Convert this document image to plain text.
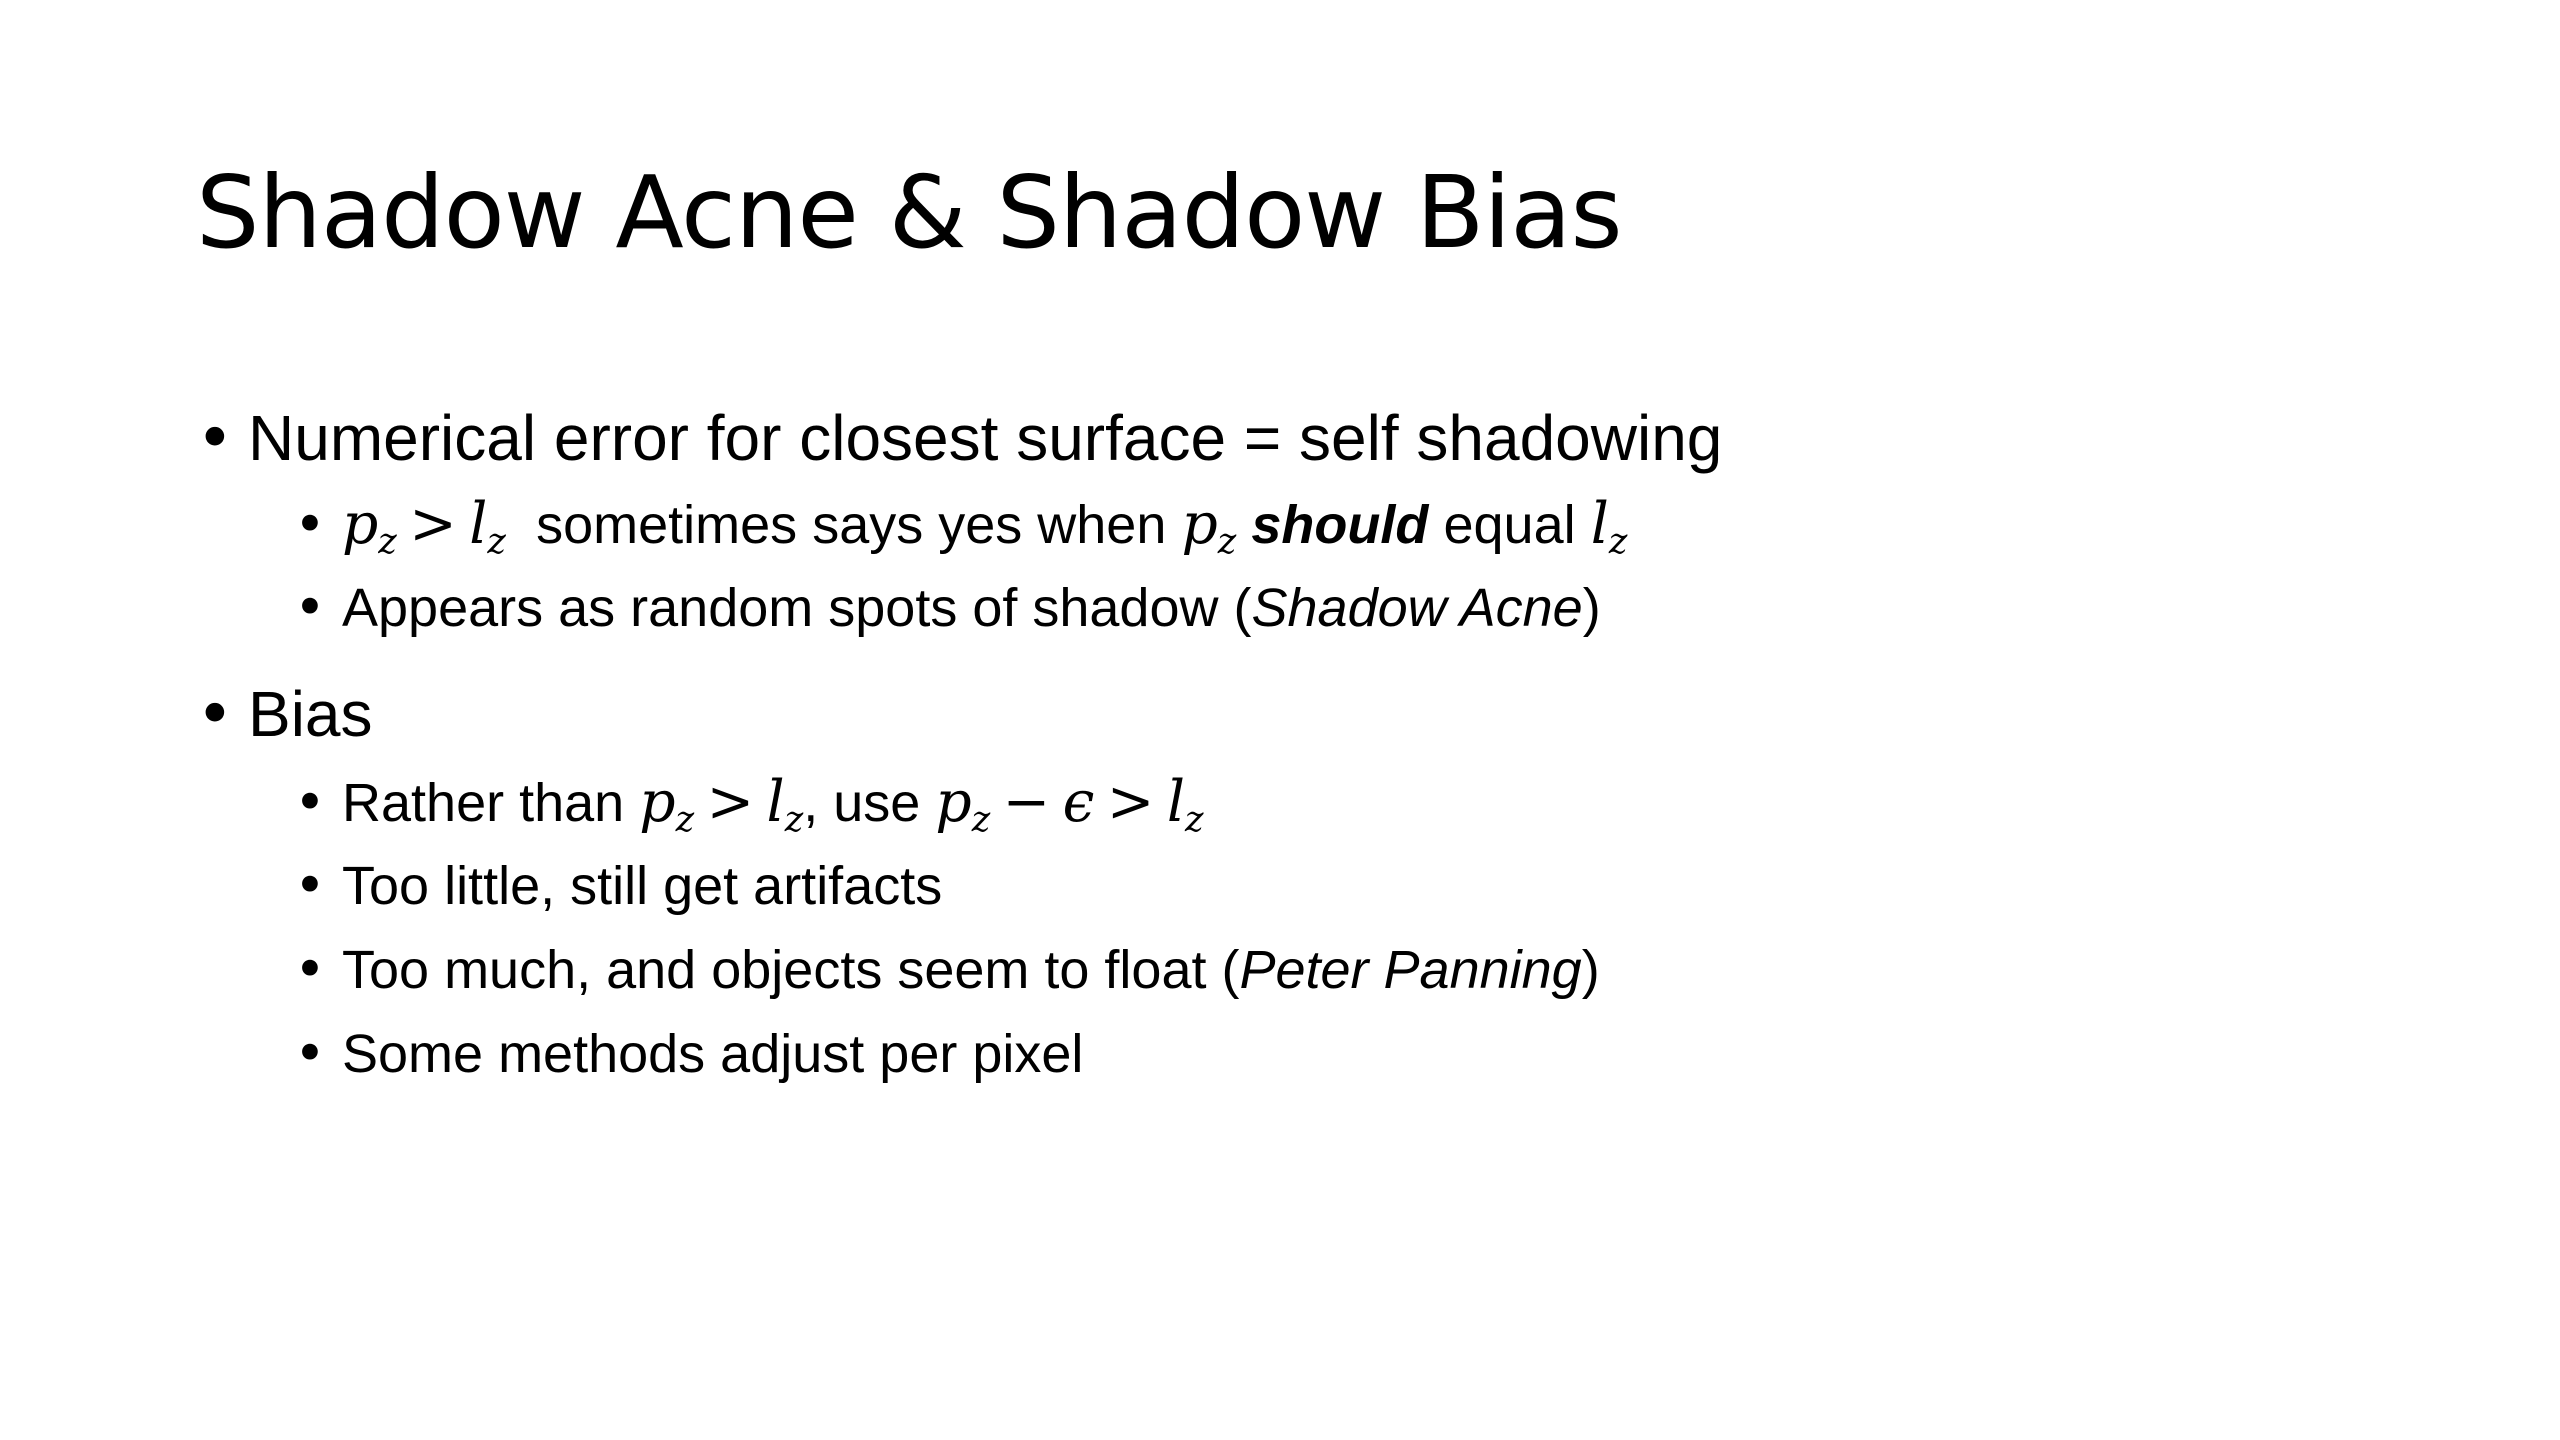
Shadow Acne & Shadow Bias
• Numerical error for closest surface = self shadowing
• $p_z > l_z$ sometimes says yes when $p_z$ should equal $l_z$
• Appears as random spots of shadow ( Shadow Acne )
• Bias
• Rather than $p_z > l_z$ , use $p_z - \epsilon > l_z$
• Too little, still get artifacts
• Too much, and objects seem to float ( Peter Panning )
• Some methods adjust per pixel
